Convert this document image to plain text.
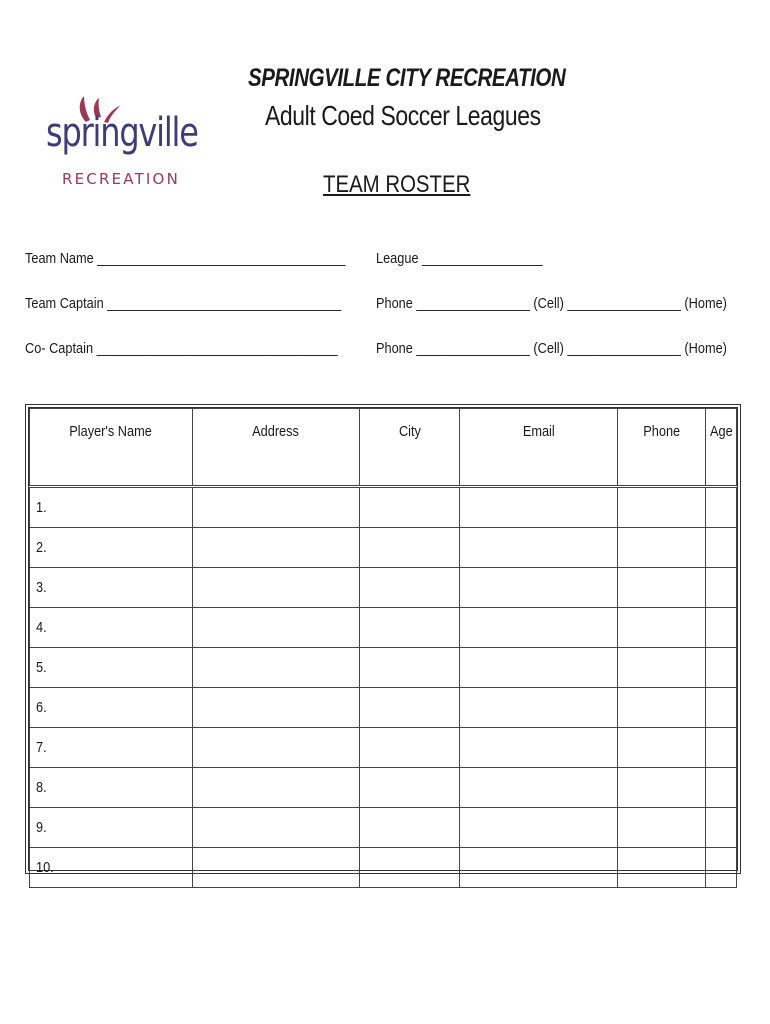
springville
RECREATION
SPRINGVILLE CITY RECREATION
Adult Coed Soccer Leagues
TEAM ROSTER
Team Name ___________________________________ League _________________
Team Captain _________________________________ Phone ________________ (Cell) ________________ (Home)
Co- Captain __________________________________	Phone ________________ (Cell) ________________ (Home)
Player's Name	Address	City	Email	Phone	Age
1.					
2.					
3.					
4.					
5.					
6.					
7.					
8.					
9.					
10.					
